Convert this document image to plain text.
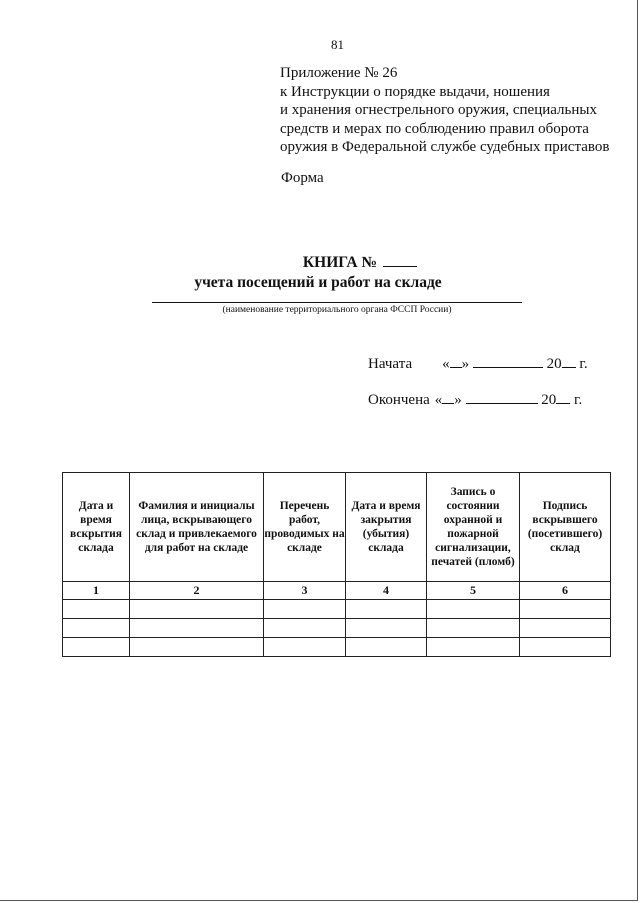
81
Приложение № 26
к Инструкции о порядке выдачи, ношения
и хранения огнестрельного оружия, специальных
средств и мерах по соблюдению правил оборота
оружия в Федеральной службе судебных приставов
Форма
КНИГА №
учета посещений и работ на складе
(наименование территориального органа ФССП России)
Начата « »	20 г.
Окончена « »	20 г.
Дата и время вскрытия склада	Фамилия и инициалы лица, вскрывающего склад и привлекаемого для работ на складе	Перечень работ, проводимых на складе	Дата и время закрытия (убытия) склада	Запись о состоянии охранной и пожарной сигнализации, печатей (пломб)	Подпись вскрывшего (посетившего) склад
1	2	3	4	5	6
